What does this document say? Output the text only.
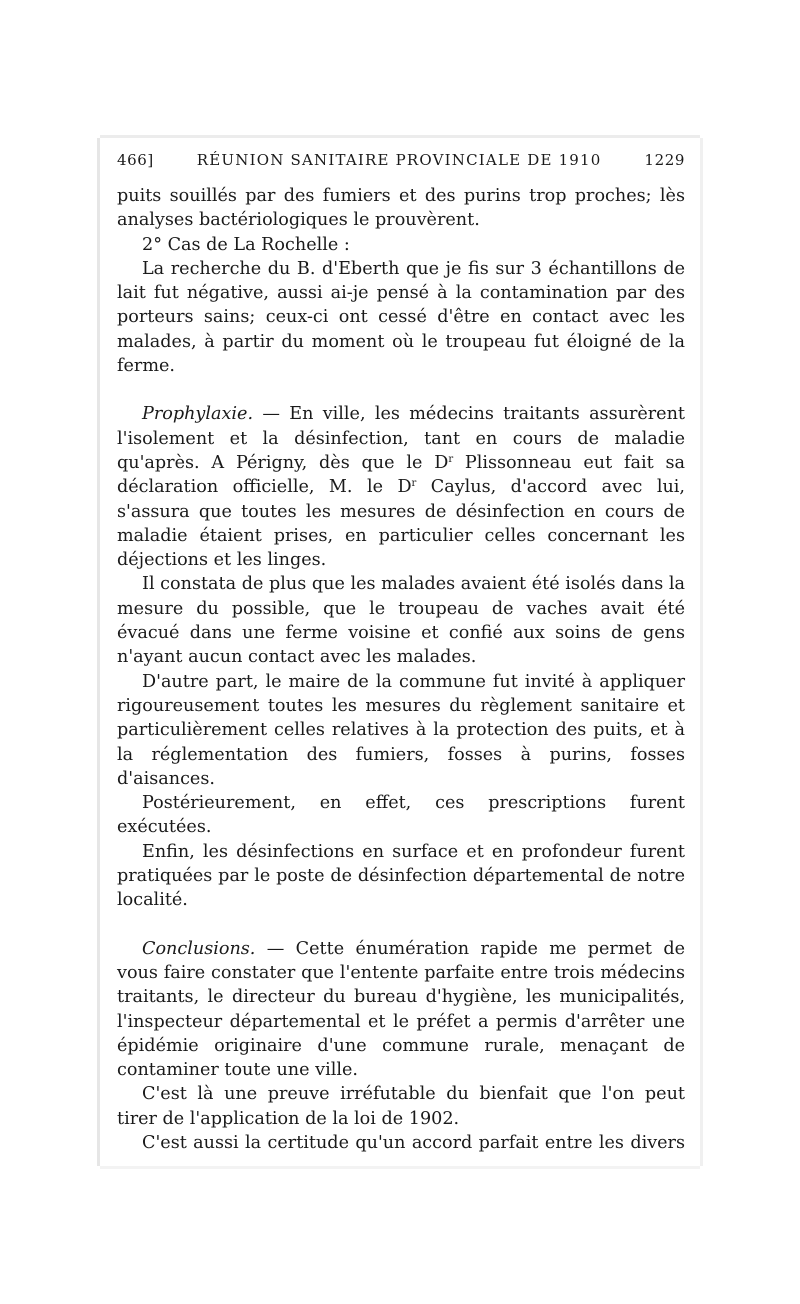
466]	RÉUNION SANITAIRE PROVINCIALE DE 1910	1229

puits souillés par des fumiers et des purins trop proches; lès analyses bactériologiques le prouvèrent.

2° Cas de La Rochelle :

La recherche du B. d'Eberth que je fis sur 3 échantillons de lait fut négative, aussi ai-je pensé à la contamination par des porteurs sains; ceux-ci ont cessé d'être en contact avec les malades, à partir du moment où le troupeau fut éloigné de la ferme.

Prophylaxie. — En ville, les médecins traitants assurèrent l'isolement et la désinfection, tant en cours de maladie qu'après. A Périgny, dès que le $D^r$ Plissonneau eut fait sa déclaration officielle, M. le $D^r$ Caylus, d'accord avec lui, s'assura que toutes les mesures de désinfection en cours de maladie étaient prises, en particulier celles concernant les déjections et les linges.

Il constata de plus que les malades avaient été isolés dans la mesure du possible, que le troupeau de vaches avait été évacué dans une ferme voisine et confié aux soins de gens n'ayant aucun contact avec les malades.

D'autre part, le maire de la commune fut invité à appliquer rigoureusement toutes les mesures du règlement sanitaire et particulièrement celles relatives à la protection des puits, et à la réglementation des fumiers, fosses à purins, fosses d'aisances.

Postérieurement, en effet, ces prescriptions furent exécutées.

Enfin, les désinfections en surface et en profondeur furent pratiquées par le poste de désinfection départemental de notre localité.

Conclusions. — Cette énumération rapide me permet de vous faire constater que l'entente parfaite entre trois médecins traitants, le directeur du bureau d'hygiène, les municipalités, l'inspecteur départemental et le préfet a permis d'arrêter une épidémie originaire d'une commune rurale, menaçant de contaminer toute une ville.

C'est là une preuve irréfutable du bienfait que l'on peut tirer de l'application de la loi de 1902.

C'est aussi la certitude qu'un accord parfait entre les divers
